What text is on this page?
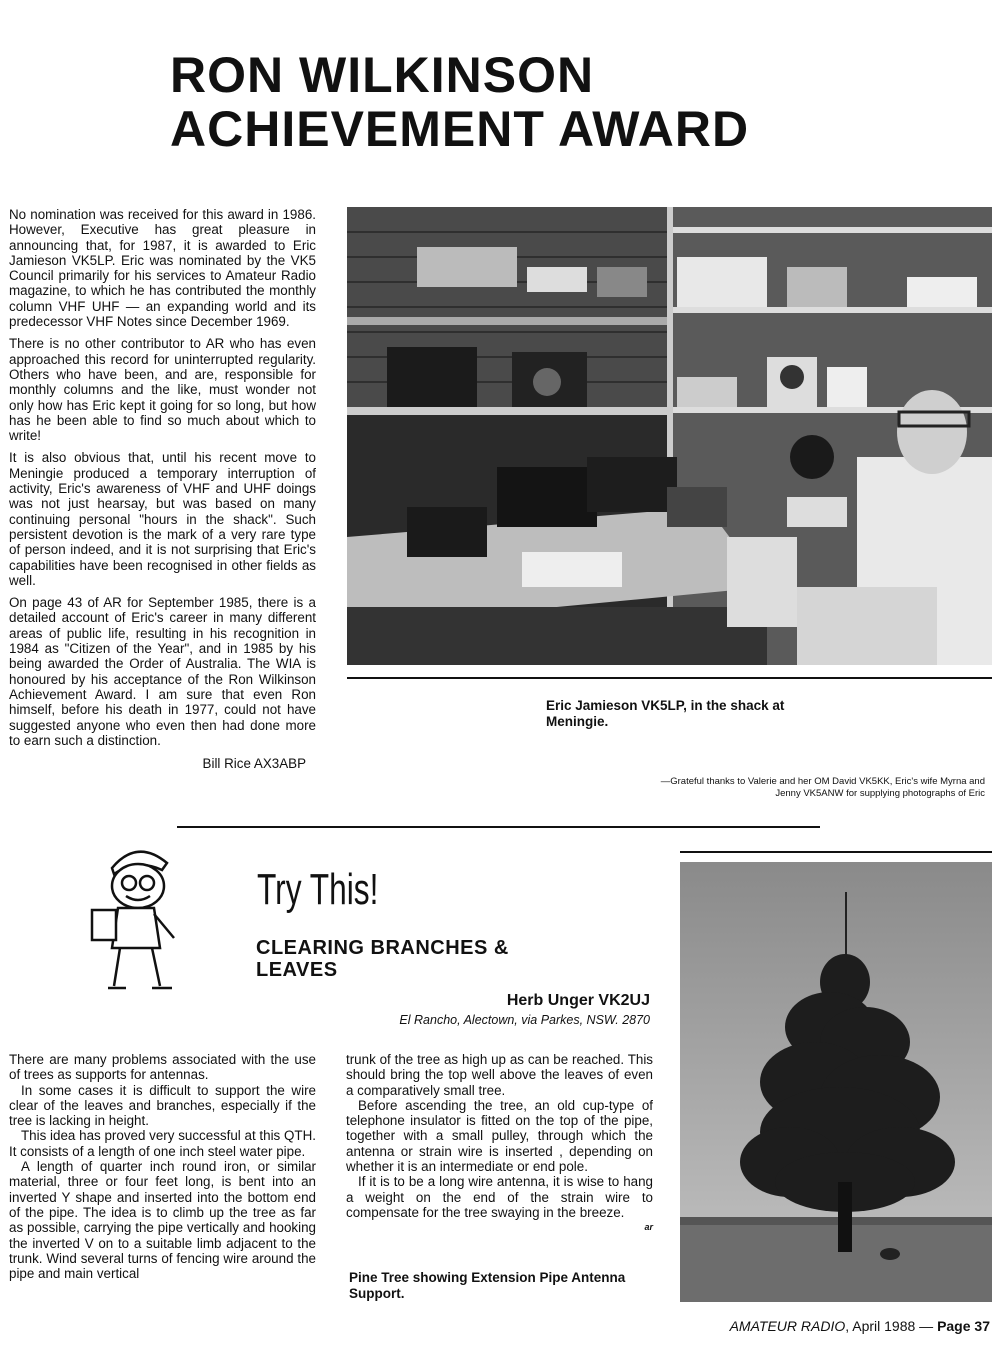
RON WILKINSON
ACHIEVEMENT AWARD

No nomination was received for this award in 1986. However, Executive has great pleasure in announcing that, for 1987, it is awarded to Eric Jamieson VK5LP. Eric was nominated by the VK5 Council primarily for his services to Amateur Radio magazine, to which he has contributed the monthly column VHF UHF — an expanding world and its predecessor VHF Notes since December 1969.

There is no other contributor to AR who has even approached this record for uninterrupted regularity. Others who have been, and are, responsible for monthly columns and the like, must wonder not only how has Eric kept it going for so long, but how has he been able to find so much about which to write!

It is also obvious that, until his recent move to Meningie produced a temporary interruption of activity, Eric's awareness of VHF and UHF doings was not just hearsay, but was based on many continuing personal "hours in the shack". Such persistent devotion is the mark of a very rare type of person indeed, and it is not surprising that Eric's capabilities have been recognised in other fields as well.

On page 43 of AR for September 1985, there is a detailed account of Eric's career in many different areas of public life, resulting in his recognition in 1984 as "Citizen of the Year", and in 1985 by his being awarded the Order of Australia. The WIA is honoured by his acceptance of the Ron Wilkinson Achievement Award. I am sure that even Ron himself, before his death in 1977, could not have suggested anyone who even then had done more to earn such a distinction.

Bill Rice AX3ABP
Eric Jamieson VK5LP, in the shack at Meningie.
—Grateful thanks to Valerie and her OM David VK5KK, Eric's wife Myrna and Jenny VK5ANW for supplying photographs of Eric
Try This!
CLEARING BRANCHES &
LEAVES
Herb Unger VK2UJ
El Rancho, Alectown, via Parkes, NSW. 2870

There are many problems associated with the use of trees as supports for antennas.

In some cases it is difficult to support the wire clear of the leaves and branches, especially if the tree is lacking in height.

This idea has proved very successful at this QTH. It consists of a length of one inch steel water pipe.

A length of quarter inch round iron, or similar material, three or four feet long, is bent into an inverted Y shape and inserted into the bottom end of the pipe. The idea is to climb up the tree as far as possible, carrying the pipe vertically and hooking the inverted V on to a suitable limb adjacent to the trunk. Wind several turns of fencing wire around the pipe and main vertical

trunk of the tree as high up as can be reached. This should bring the top well above the leaves of even a comparatively small tree.

Before ascending the tree, an old cup-type of telephone insulator is fitted on the top of the pipe, together with a small pulley, through which the antenna or strain wire is inserted , depending on whether it is an intermediate or end pole.

If it is to be a long wire antenna, it is wise to hang a weight on the end of the strain wire to compensate for the tree swaying in the breeze.

ar
Pine Tree showing Extension Pipe Antenna Support.
AMATEUR RADIO, April 1988 — Page 37
